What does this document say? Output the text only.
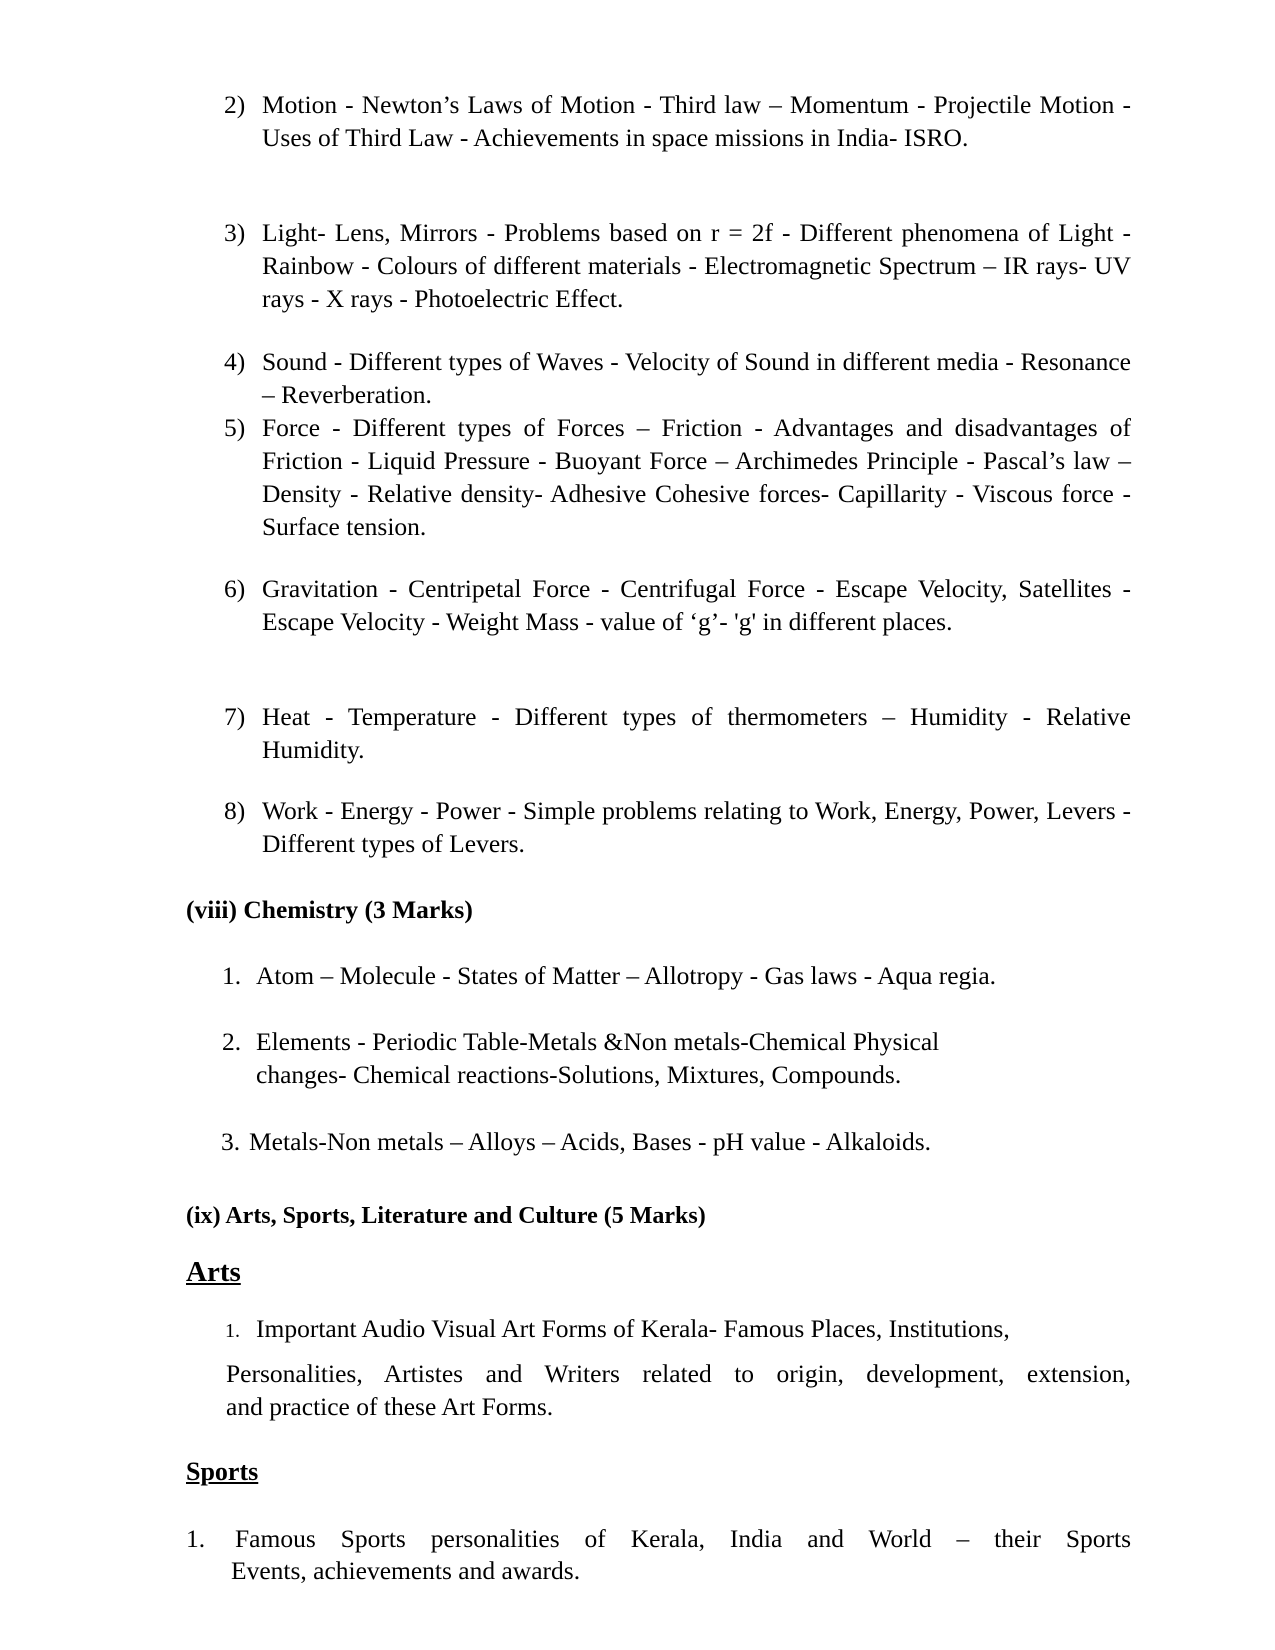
2) Motion - Newton’s Laws of Motion - Third law – Momentum - Projectile Motion - Uses of Third Law - Achievements in space missions in India- ISRO.
3) Light- Lens, Mirrors - Problems based on r = 2f - Different phenomena of Light - Rainbow - Colours of different materials - Electromagnetic Spectrum – IR rays- UV rays - X rays - Photoelectric Effect.
4) Sound - Different types of Waves - Velocity of Sound in different media - Resonance – Reverberation.
5) Force - Different types of Forces – Friction - Advantages and disadvantages of Friction - Liquid Pressure - Buoyant Force – Archimedes Principle - Pascal’s law – Density - Relative density- Adhesive Cohesive forces- Capillarity - Viscous force - Surface tension.
6) Gravitation - Centripetal Force - Centrifugal Force - Escape Velocity, Satellites - Escape Velocity - Weight Mass - value of ‘g’- 'g' in different places.
7) Heat - Temperature - Different types of thermometers – Humidity - Relative Humidity.
8) Work - Energy - Power - Simple problems relating to Work, Energy, Power, Levers - Different types of Levers.
(viii) Chemistry (3 Marks)
1. Atom – Molecule - States of Matter – Allotropy - Gas laws - Aqua regia.
2. Elements - Periodic Table-Metals &Non metals-Chemical Physical
changes- Chemical reactions-Solutions, Mixtures, Compounds.
3. Metals-Non metals – Alloys – Acids, Bases - pH value - Alkaloids.
(ix) Arts, Sports, Literature and Culture (5 Marks)
Arts
1. Important Audio Visual Art Forms of Kerala- Famous Places, Institutions,
Personalities, Artistes and Writers related to origin, development, extension,
and practice of these Art Forms.
Sports
1. Famous Sports personalities of Kerala, India and World – their Sports
Events, achievements and awards.
